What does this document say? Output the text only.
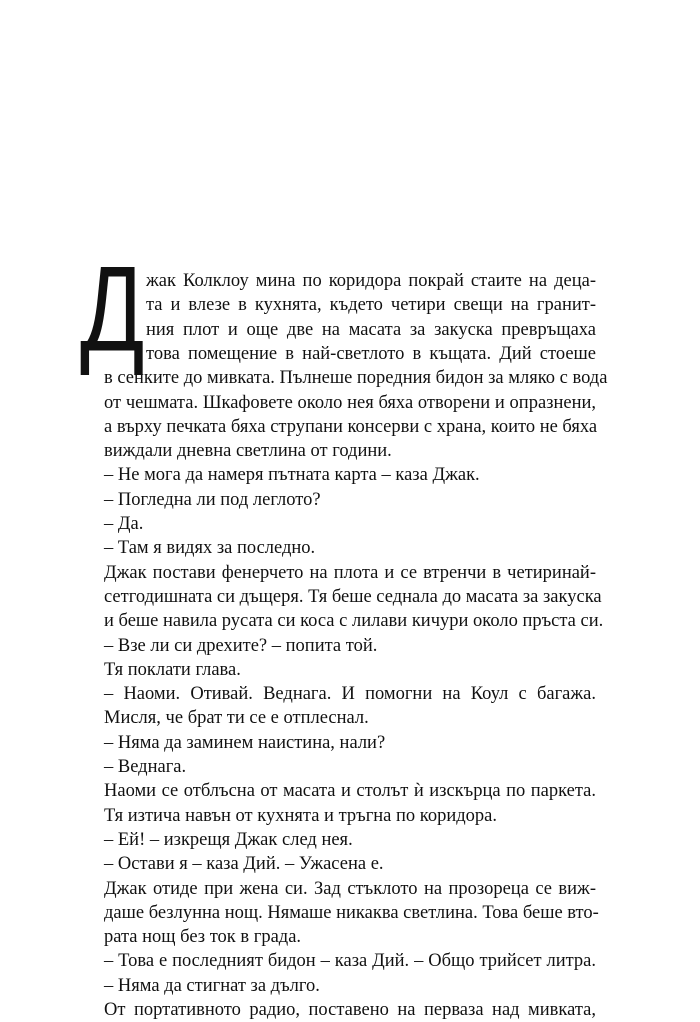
Д жак Колклоу мина по коридора покрай стаите на деца-
та и влезе в кухнята, където четири свещи на гранит-
ния плот и още две на масата за закуска превръщаха
това помещение в най-светлото в къщата. Дий стоеше
в сенките до мивката. Пълнеше поредния бидон за мляко с вода
от чешмата. Шкафовете около нея бяха отворени и опразнени,
а върху печката бяха струпани консерви с храна, които не бяха
виждали дневна светлина от години.
– Не мога да намеря пътната карта – каза Джак.
– Погледна ли под леглото?
– Да.
– Там я видях за последно.
Джак постави фенерчето на плота и се втренчи в четиринай-
сетгодишната си дъщеря. Тя беше седнала до масата за закуска
и беше навила русата си коса с лилави кичури около пръста си.
– Взе ли си дрехите? – попита той.
Тя поклати глава.
– Наоми. Отивай. Веднага. И помогни на Коул с багажа.
Мисля, че брат ти се е отплеснал.
– Няма да заминем наистина, нали?
– Веднага.
Наоми се отблъсна от масата и столът ѝ изскърца по паркета.
Тя изтича навън от кухнята и тръгна по коридора.
– Ей! – изкрещя Джак след нея.
– Остави я – каза Дий. – Ужасена е.
Джак отиде при жена си. Зад стъклото на прозореца се виж-
даше безлунна нощ. Нямаше никаква светлина. Това беше вто-
рата нощ без ток в града.
– Това е последният бидон – каза Дий. – Общо трийсет литра.
– Няма да стигнат за дълго.
От портативното радио, поставено на перваза над мивката,
